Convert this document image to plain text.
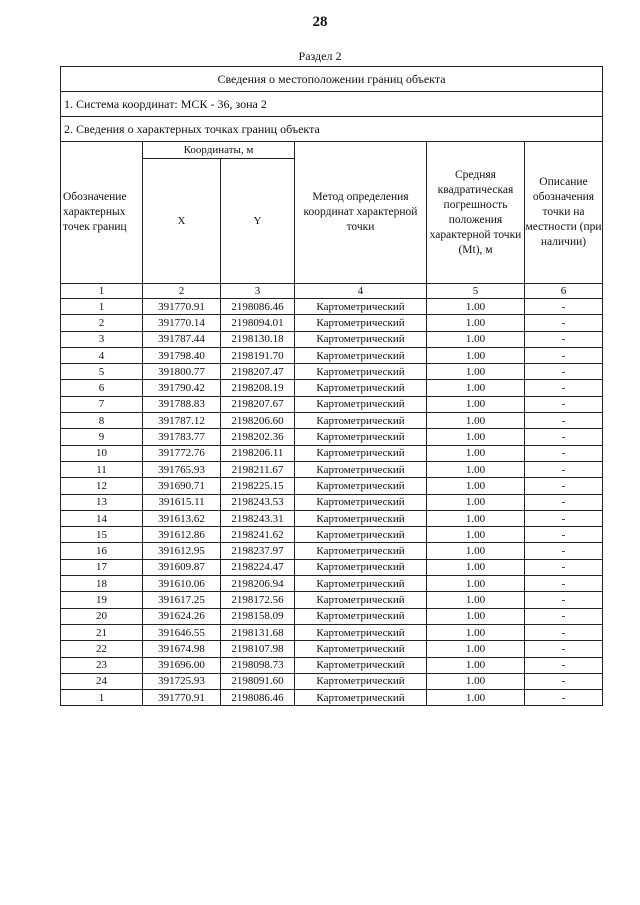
28
Раздел 2
Сведения о местоположении границ объекта					
1. Система координат: МСК - 36, зона 2					
2. Сведения о характерных точках границ объекта					
Обозначение характерных точек границ	Координаты, м		Метод определения координат характерной точки	Средняя квадратическая погрешность положения характерной точки (Mt), м	Описание обозначения точки на местности (при наличии)
	X	Y			
1	2	3	4	5	6
1	391770.91	2198086.46	Картометрический	1.00	-
2	391770.14	2198094.01	Картометрический	1.00	-
3	391787.44	2198130.18	Картометрический	1.00	-
4	391798.40	2198191.70	Картометрический	1.00	-
5	391800.77	2198207.47	Картометрический	1.00	-
6	391790.42	2198208.19	Картометрический	1.00	-
7	391788.83	2198207.67	Картометрический	1.00	-
8	391787.12	2198206.60	Картометрический	1.00	-
9	391783.77	2198202.36	Картометрический	1.00	-
10	391772.76	2198206.11	Картометрический	1.00	-
11	391765.93	2198211.67	Картометрический	1.00	-
12	391690.71	2198225.15	Картометрический	1.00	-
13	391615.11	2198243.53	Картометрический	1.00	-
14	391613.62	2198243.31	Картометрический	1.00	-
15	391612.86	2198241.62	Картометрический	1.00	-
16	391612.95	2198237.97	Картометрический	1.00	-
17	391609.87	2198224.47	Картометрический	1.00	-
18	391610.06	2198206.94	Картометрический	1.00	-
19	391617.25	2198172.56	Картометрический	1.00	-
20	391624.26	2198158.09	Картометрический	1.00	-
21	391646.55	2198131.68	Картометрический	1.00	-
22	391674.98	2198107.98	Картометрический	1.00	-
23	391696.00	2198098.73	Картометрический	1.00	-
24	391725.93	2198091.60	Картометрический	1.00	-
1	391770.91	2198086.46	Картометрический	1.00	-
